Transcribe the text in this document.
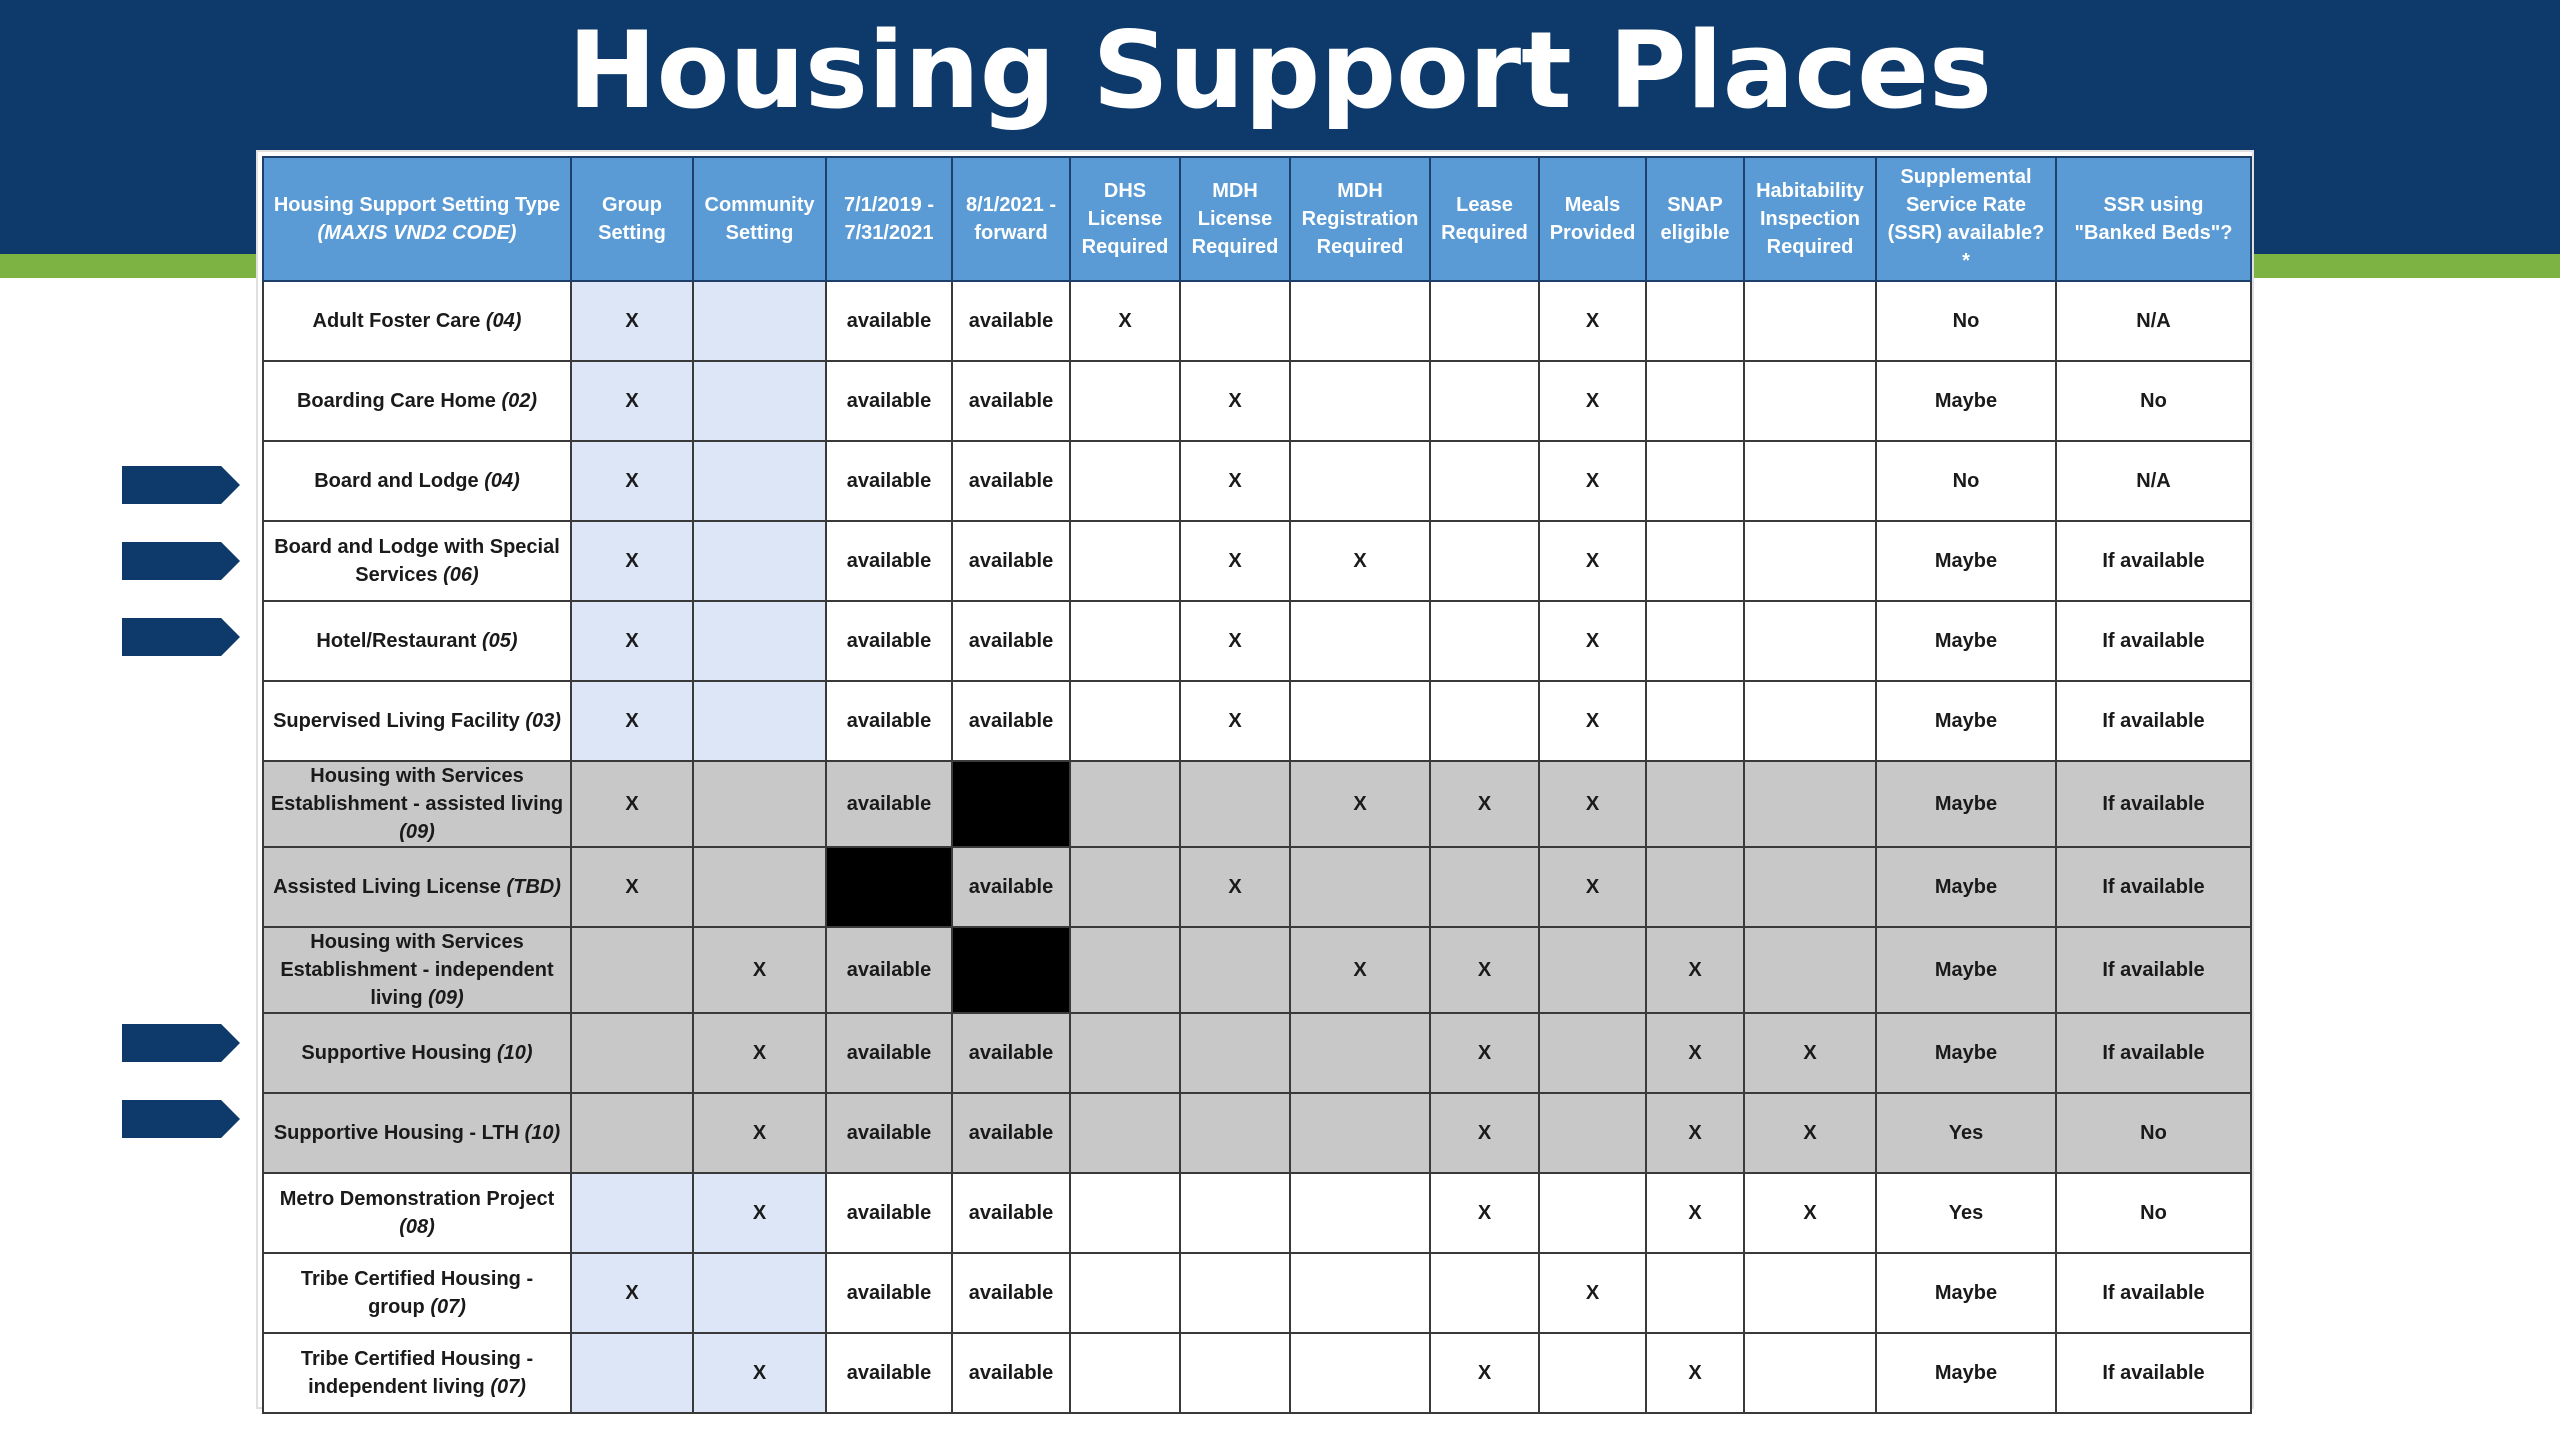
Housing Support Places
Housing Support Setting Type
(MAXIS VND2 CODE)	Group Setting	Community Setting	7/1/2019 - 7/31/2021	8/1/2021 - forward	DHS License Required	MDH License Required	MDH Registration Required	Lease Required	Meals Provided	SNAP eligible	Habitability Inspection Required	Supplemental Service Rate (SSR) available? *	SSR using "Banked Beds"?
Adult Foster Care (04)	X		available	available	X				X			No	N/A
Boarding Care Home (02)	X		available	available		X			X			Maybe	No
Board and Lodge (04)	X		available	available		X			X			No	N/A
Board and Lodge with Special Services (06)	X		available	available		X	X		X			Maybe	If available
Hotel/Restaurant (05)	X		available	available		X			X			Maybe	If available
Supervised Living Facility (03)	X		available	available		X			X			Maybe	If available
Housing with Services Establishment - assisted living (09)	X		available				X	X	X			Maybe	If available
Assisted Living License (TBD)	X			available		X			X			Maybe	If available
Housing with Services Establishment - independent living (09)		X	available				X	X		X		Maybe	If available
Supportive Housing (10)		X	available	available				X		X	X	Maybe	If available
Supportive Housing - LTH (10)		X	available	available				X		X	X	Yes	No
Metro Demonstration Project (08)		X	available	available				X		X	X	Yes	No
Tribe Certified Housing - group (07)	X		available	available					X			Maybe	If available
Tribe Certified Housing - independent living (07)		X	available	available				X		X		Maybe	If available
